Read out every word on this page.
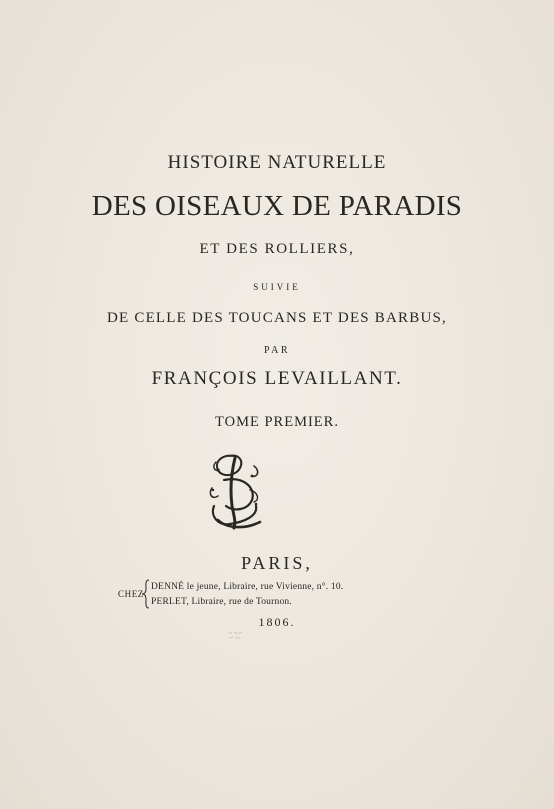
HISTOIRE NATURELLE
DES OISEAUX DE PARADIS
ET DES ROLLIERS,
SUIVIE
DE CELLE DES TOUCANS ET DES BARBUS,
PAR
FRANÇOIS LEVAILLANT.
TOME PREMIER.
PARIS,
CHEZ
DENNÉ le jeune, Libraire, rue Vivienne, n°. 10.
PERLET, Libraire, rue de Tournon.
1806.
